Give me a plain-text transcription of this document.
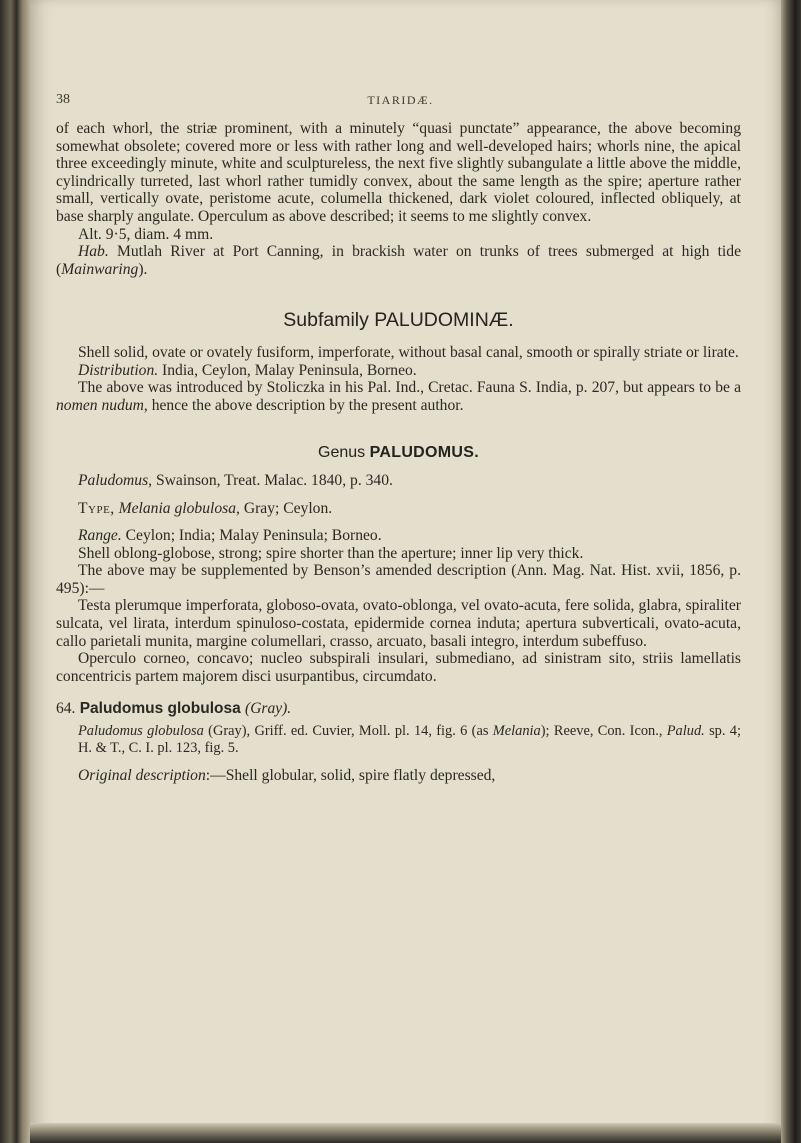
38	TIARIDÆ.

of each whorl, the striæ prominent, with a minutely “quasi punctate” appearance, the above becoming somewhat obsolete; covered more or less with rather long and well-developed hairs; whorls nine, the apical three exceedingly minute, white and sculptureless, the next five slightly subangulate a little above the middle, cylindrically turreted, last whorl rather tumidly convex, about the same length as the spire; aperture rather small, vertically ovate, peristome acute, columella thickened, dark violet coloured, inflected obliquely, at base sharply angulate. Operculum as above described; it seems to me slightly convex.

Alt. 9·5, diam. 4 mm.

Hab. Mutlah River at Port Canning, in brackish water on trunks of trees submerged at high tide (Mainwaring).

Subfamily PALUDOMINÆ.

Shell solid, ovate or ovately fusiform, imperforate, without basal canal, smooth or spirally striate or lirate.

Distribution. India, Ceylon, Malay Peninsula, Borneo.

The above was introduced by Stoliczka in his Pal. Ind., Cretac. Fauna S. India, p. 207, but appears to be a nomen nudum, hence the above description by the present author.

Genus PALUDOMUS.

Paludomus, Swainson, Treat. Malac. 1840, p. 340.

Type, Melania globulosa, Gray; Ceylon.

Range. Ceylon; India; Malay Peninsula; Borneo.

Shell oblong-globose, strong; spire shorter than the aperture; inner lip very thick.

The above may be supplemented by Benson’s amended description (Ann. Mag. Nat. Hist. xvii, 1856, p. 495):—

Testa plerumque imperforata, globoso-ovata, ovato-oblonga, vel ovato-acuta, fere solida, glabra, spiraliter sulcata, vel lirata, interdum spinuloso-costata, epidermide cornea induta; apertura subverticali, ovato-acuta, callo parietali munita, margine columellari, crasso, arcuato, basali integro, interdum subeffuso.

Operculo corneo, concavo; nucleo subspirali insulari, submediano, ad sinistram sito, striis lamellatis concentricis partem majorem disci usurpantibus, circumdato.

64. Paludomus globulosa (Gray).

Paludomus globulosa (Gray), Griff. ed. Cuvier, Moll. pl. 14, fig. 6 (as Melania); Reeve, Con. Icon., Palud. sp. 4; H. & T., C. I. pl. 123, fig. 5.

Original description:—Shell globular, solid, spire flatly depressed,
